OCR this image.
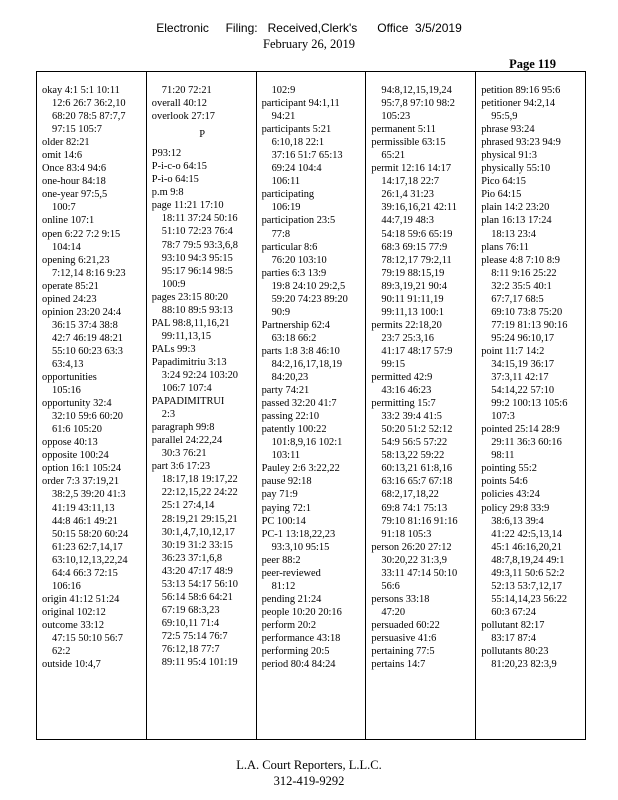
Electronic     Filing:   Received,Clerk's      Office  3/5/2019
February 26, 2019
Page 119
okay 4:1 5:1 10:11
12:6 26:7 36:2,10
68:20 78:5 87:7,7
97:15 105:7
older 82:21
omit 14:6
Once 83:4 94:6
one-hour 84:18
one-year 97:5,5
100:7
online 107:1
open 6:22 7:2 9:15
104:14
opening 6:21,23
7:12,14 8:16 9:23
operate 85:21
opined 24:23
opinion 23:20 24:4
36:15 37:4 38:8
42:7 46:19 48:21
55:10 60:23 63:3
63:4,13
opportunities
105:16
opportunity 32:4
32:10 59:6 60:20
61:6 105:20
oppose 40:13
opposite 100:24
option 16:1 105:24
order 7:3 37:19,21
38:2,5 39:20 41:3
41:19 43:11,13
44:8 46:1 49:21
50:15 58:20 60:24
61:23 62:7,14,17
63:10,12,13,22,24
64:4 66:3 72:15
106:16
origin 41:12 51:24
original 102:12
outcome 33:12
47:15 50:10 56:7
62:2
outside 10:4,7
71:20 72:21
overall 40:12
overlook 27:17
P
P93:12
P-i-c-o 64:15
P-i-o 64:15
p.m 9:8
page 11:21 17:10
18:11 37:24 50:16
51:10 72:23 76:4
78:7 79:5 93:3,6,8
93:10 94:3 95:15
95:17 96:14 98:5
100:9
pages 23:15 80:20
88:10 89:5 93:13
PAL 98:8,11,16,21
99:11,13,15
PALs 99:3
Papadimitriu 3:13
3:24 92:24 103:20
106:7 107:4
PAPADIMITRUI
2:3
paragraph 99:8
parallel 24:22,24
30:3 76:21
part 3:6 17:23
18:17,18 19:17,22
22:12,15,22 24:22
25:1 27:4,14
28:19,21 29:15,21
30:1,4,7,10,12,17
30:19 31:2 33:15
36:23 37:1,6,8
43:20 47:17 48:9
53:13 54:17 56:10
56:14 58:6 64:21
67:19 68:3,23
69:10,11 71:4
72:5 75:14 76:7
76:12,18 77:7
89:11 95:4 101:19
102:9
participant 94:1,11
94:21
participants 5:21
6:10,18 22:1
37:16 51:7 65:13
69:24 104:4
106:11
participating
106:19
participation 23:5
77:8
particular 8:6
76:20 103:10
parties 6:3 13:9
19:8 24:10 29:2,5
59:20 74:23 89:20
90:9
Partnership 62:4
63:18 66:2
parts 1:8 3:8 46:10
84:2,16,17,18,19
84:20,23
party 74:21
passed 32:20 41:7
passing 22:10
patently 100:22
101:8,9,16 102:1
103:11
Pauley 2:6 3:22,22
pause 92:18
pay 71:9
paying 72:1
PC 100:14
PC-1 13:18,22,23
93:3,10 95:15
peer 88:2
peer-reviewed
81:12
pending 21:24
people 10:20 20:16
perform 20:2
performance 43:18
performing 20:5
period 80:4 84:24
94:8,12,15,19,24
95:7,8 97:10 98:2
105:23
permanent 5:11
permissible 63:15
65:21
permit 12:16 14:17
14:17,18 22:7
26:1,4 31:23
39:16,16,21 42:11
44:7,19 48:3
54:18 59:6 65:19
68:3 69:15 77:9
78:12,17 79:2,11
79:19 88:15,19
89:3,19,21 90:4
90:11 91:11,19
99:11,13 100:1
permits 22:18,20
23:7 25:3,16
41:17 48:17 57:9
99:15
permitted 42:9
43:16 46:23
permitting 15:7
33:2 39:4 41:5
50:20 51:2 52:12
54:9 56:5 57:22
58:13,22 59:22
60:13,21 61:8,16
63:16 65:7 67:18
68:2,17,18,22
69:8 74:1 75:13
79:10 81:16 91:16
91:18 105:3
person 26:20 27:12
30:20,22 31:3,9
33:11 47:14 50:10
56:6
persons 33:18
47:20
persuaded 60:22
persuasive 41:6
pertaining 77:5
pertains 14:7
petition 89:16 95:6
petitioner 94:2,14
95:5,9
phrase 93:24
phrased 93:23 94:9
physical 91:3
physically 55:10
Pico 64:15
Pio 64:15
plain 14:2 23:20
plan 16:13 17:24
18:13 23:4
plans 76:11
please 4:8 7:10 8:9
8:11 9:16 25:22
32:2 35:5 40:1
67:7,17 68:5
69:10 73:8 75:20
77:19 81:13 90:16
95:24 96:10,17
point 11:7 14:2
34:15,19 36:17
37:3,11 42:17
54:14,22 57:10
99:2 100:13 105:6
107:3
pointed 25:14 28:9
29:11 36:3 60:16
98:11
pointing 55:2
points 54:6
policies 43:24
policy 29:8 33:9
38:6,13 39:4
41:22 42:5,13,14
45:1 46:16,20,21
48:7,8,19,24 49:1
49:3,11 50:6 52:2
52:13 53:7,12,17
55:14,14,23 56:22
60:3 67:24
pollutant 82:17
83:17 87:4
pollutants 80:23
81:20,23 82:3,9
L.A. Court Reporters, L.L.C.
312-419-9292
